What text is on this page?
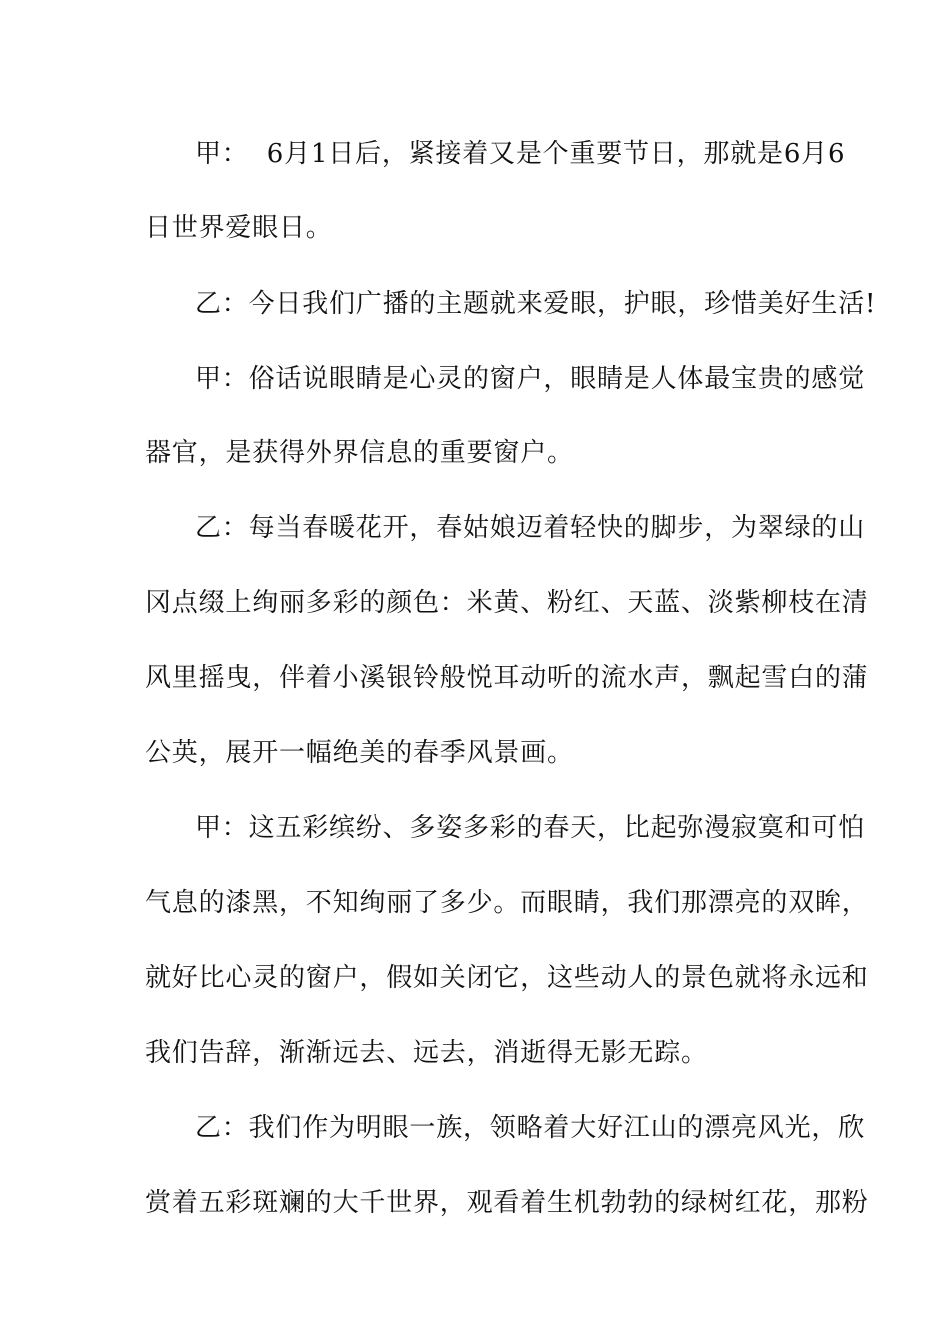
甲：  6月1日后，紧接着又是个重要节日，那就是6月6

日世界爱眼日。

乙：今日我们广播的主题就来爱眼，护眼，珍惜美好生活!

甲：俗话说眼睛是心灵的窗户，眼睛是人体最宝贵的感觉

器官，是获得外界信息的重要窗户。

乙：每当春暖花开，春姑娘迈着轻快的脚步，为翠绿的山

冈点缀上绚丽多彩的颜色：米黄、粉红、天蓝、淡紫柳枝在清

风里摇曳，伴着小溪银铃般悦耳动听的流水声，飘起雪白的蒲

公英，展开一幅绝美的春季风景画。

甲：这五彩缤纷、多姿多彩的春天，比起弥漫寂寞和可怕

气息的漆黑，不知绚丽了多少。而眼睛，我们那漂亮的双眸，

就好比心灵的窗户，假如关闭它，这些动人的景色就将永远和

我们告辞，渐渐远去、远去，消逝得无影无踪。

乙：我们作为明眼一族，领略着大好江山的漂亮风光，欣

赏着五彩斑斓的大千世界，观看着生机勃勃的绿树红花，那粉
